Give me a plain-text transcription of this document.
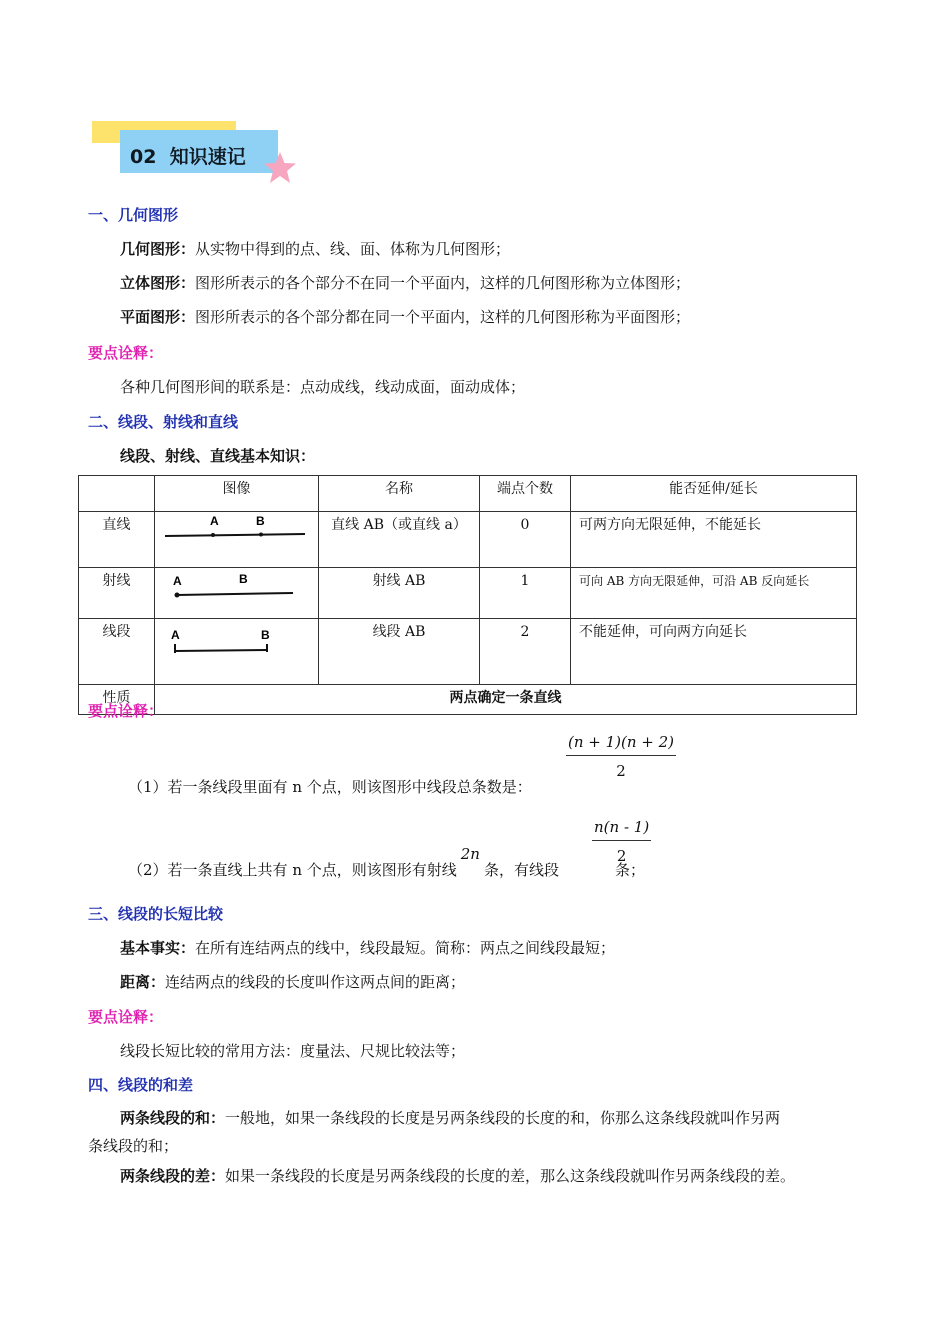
02 知识速记
一、几何图形
几何图形：从实物中得到的点、线、面、体称为几何图形；
立体图形：图形所表示的各个部分不在同一个平面内，这样的几何图形称为立体图形；
平面图形：图形所表示的各个部分都在同一个平面内，这样的几何图形称为平面图形；
要点诠释：
各种几何图形间的联系是：点动成线，线动成面，面动成体；
二、线段、射线和直线
线段、射线、直线基本知识：
	图像	名称	端点个数	能否延伸/延长
直线	A B	直线 AB（或直线 a）	0	可两方向无限延伸，不能延长
射线	A B	射线 AB	1	可向 AB 方向无限延伸，可沿 AB 反向延长
线段	A B	线段 AB	2	不能延伸，可向两方向延长
性质	两点确定一条直线			
要点诠释：
$\frac{(n + 1)(n + 2)}{2}$
（1）若一条线段里面有 n 个点，则该图形中线段总条数是：
$\frac{n(n - 1)}{2}$
（2）若一条直线上共有 n 个点，则该图形有射线2n条，有线段	条；
三、线段的长短比较
基本事实：在所有连结两点的线中，线段最短。简称：两点之间线段最短；
距离：连结两点的线段的长度叫作这两点间的距离；
要点诠释：
线段长短比较的常用方法：度量法、尺规比较法等；
四、线段的和差
两条线段的和：一般地，如果一条线段的长度是另两条线段的长度的和，你那么这条线段就叫作另两
条线段的和；
两条线段的差：如果一条线段的长度是另两条线段的长度的差，那么这条线段就叫作另两条线段的差。
